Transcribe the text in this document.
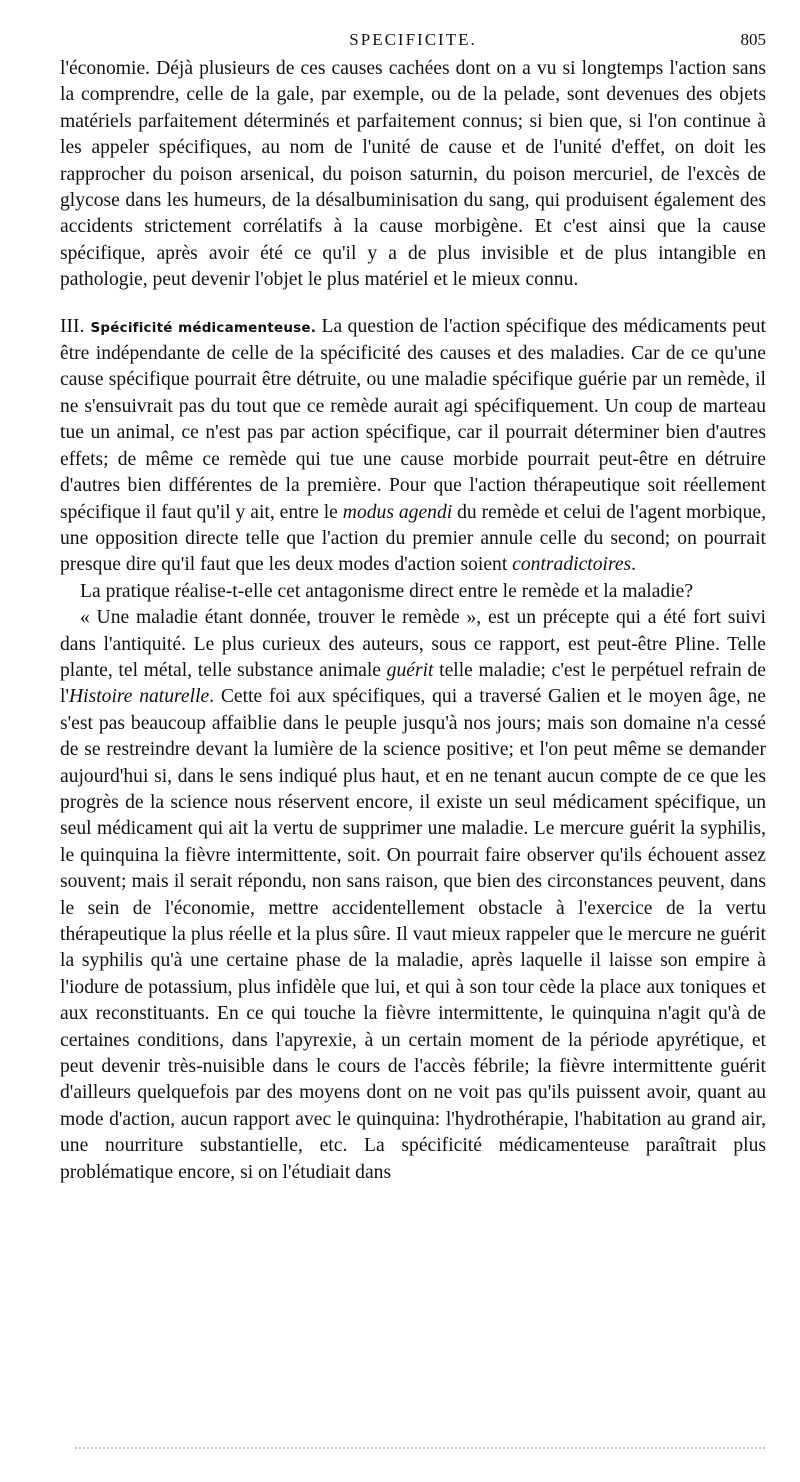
SPECIFICITE.	805

l'économie. Déjà plusieurs de ces causes cachées dont on a vu si longtemps l'action sans la comprendre, celle de la gale, par exemple, ou de la pelade, sont devenues des objets matériels parfaitement déterminés et parfaitement connus; si bien que, si l'on continue à les appeler spécifiques, au nom de l'unité de cause et de l'unité d'effet, on doit les rapprocher du poison arsenical, du poison saturnin, du poison mercuriel, de l'excès de glycose dans les humeurs, de la désalbuminisation du sang, qui produisent également des accidents strictement corrélatifs à la cause morbigène. Et c'est ainsi que la cause spécifique, après avoir été ce qu'il y a de plus invisible et de plus intangible en pathologie, peut devenir l'objet le plus matériel et le mieux connu.

III. Spécificité médicamenteuse. La question de l'action spécifique des médicaments peut être indépendante de celle de la spécificité des causes et des maladies. Car de ce qu'une cause spécifique pourrait être détruite, ou une maladie spécifique guérie par un remède, il ne s'ensuivrait pas du tout que ce remède aurait agi spécifiquement. Un coup de marteau tue un animal, ce n'est pas par action spécifique, car il pourrait déterminer bien d'autres effets; de même ce remède qui tue une cause morbide pourrait peut-être en détruire d'autres bien différentes de la première. Pour que l'action thérapeutique soit réellement spécifique il faut qu'il y ait, entre le modus agendi du remède et celui de l'agent morbique, une opposition directe telle que l'action du premier annule celle du second; on pourrait presque dire qu'il faut que les deux modes d'action soient contradictoires.

La pratique réalise-t-elle cet antagonisme direct entre le remède et la maladie?

« Une maladie étant donnée, trouver le remède », est un précepte qui a été fort suivi dans l'antiquité. Le plus curieux des auteurs, sous ce rapport, est peut-être Pline. Telle plante, tel métal, telle substance animale guérit telle maladie; c'est le perpétuel refrain de l'Histoire naturelle. Cette foi aux spécifiques, qui a traversé Galien et le moyen âge, ne s'est pas beaucoup affaiblie dans le peuple jusqu'à nos jours; mais son domaine n'a cessé de se restreindre devant la lumière de la science positive; et l'on peut même se demander aujourd'hui si, dans le sens indiqué plus haut, et en ne tenant aucun compte de ce que les progrès de la science nous réservent encore, il existe un seul médicament spécifique, un seul médicament qui ait la vertu de supprimer une maladie. Le mercure guérit la syphilis, le quinquina la fièvre intermittente, soit. On pourrait faire observer qu'ils échouent assez souvent; mais il serait répondu, non sans raison, que bien des circonstances peuvent, dans le sein de l'économie, mettre accidentellement obstacle à l'exercice de la vertu thérapeutique la plus réelle et la plus sûre. Il vaut mieux rappeler que le mercure ne guérit la syphilis qu'à une certaine phase de la maladie, après laquelle il laisse son empire à l'iodure de potassium, plus infidèle que lui, et qui à son tour cède la place aux toniques et aux reconstituants. En ce qui touche la fièvre intermittente, le quinquina n'agit qu'à de certaines conditions, dans l'apyrexie, à un certain moment de la période apyrétique, et peut devenir très-nuisible dans le cours de l'accès fébrile; la fièvre intermittente guérit d'ailleurs quelquefois par des moyens dont on ne voit pas qu'ils puissent avoir, quant au mode d'action, aucun rapport avec le quinquina: l'hydrothérapie, l'habitation au grand air, une nourriture substantielle, etc. La spécificité médicamenteuse paraîtrait plus problématique encore, si on l'étudiait dans
